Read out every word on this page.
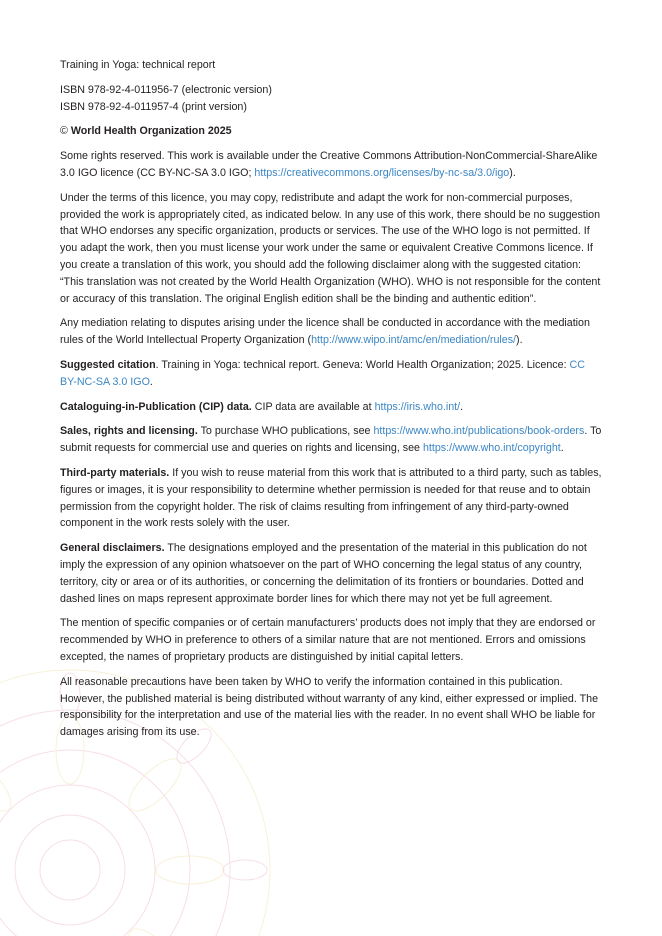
Training in Yoga: technical report

ISBN 978-92-4-011956-7 (electronic version)
ISBN 978-92-4-011957-4 (print version)

© World Health Organization 2025

Some rights reserved. This work is available under the Creative Commons Attribution-NonCommercial-ShareAlike 3.0 IGO licence (CC BY-NC-SA 3.0 IGO; https://creativecommons.org/licenses/by-nc-sa/3.0/igo).

Under the terms of this licence, you may copy, redistribute and adapt the work for non-commercial purposes, provided the work is appropriately cited, as indicated below. In any use of this work, there should be no suggestion that WHO endorses any specific organization, products or services. The use of the WHO logo is not permitted. If you adapt the work, then you must license your work under the same or equivalent Creative Commons licence. If you create a translation of this work, you should add the following disclaimer along with the suggested citation: “This translation was not created by the World Health Organization (WHO). WHO is not responsible for the content or accuracy of this translation. The original English edition shall be the binding and authentic edition”.

Any mediation relating to disputes arising under the licence shall be conducted in accordance with the mediation rules of the World Intellectual Property Organization (http://www.wipo.int/amc/en/mediation/rules/).

Suggested citation. Training in Yoga: technical report. Geneva: World Health Organization; 2025. Licence: CC BY-NC-SA 3.0 IGO.

Cataloguing-in-Publication (CIP) data. CIP data are available at https://iris.who.int/.

Sales, rights and licensing. To purchase WHO publications, see https://www.who.int/publications/book-orders. To submit requests for commercial use and queries on rights and licensing, see https://www.who.int/copyright.

Third-party materials. If you wish to reuse material from this work that is attributed to a third party, such as tables, figures or images, it is your responsibility to determine whether permission is needed for that reuse and to obtain permission from the copyright holder. The risk of claims resulting from infringement of any third-party-owned component in the work rests solely with the user.

General disclaimers. The designations employed and the presentation of the material in this publication do not imply the expression of any opinion whatsoever on the part of WHO concerning the legal status of any country, territory, city or area or of its authorities, or concerning the delimitation of its frontiers or boundaries. Dotted and dashed lines on maps represent approximate border lines for which there may not yet be full agreement.

The mention of specific companies or of certain manufacturers’ products does not imply that they are endorsed or recommended by WHO in preference to others of a similar nature that are not mentioned. Errors and omissions excepted, the names of proprietary products are distinguished by initial capital letters.

All reasonable precautions have been taken by WHO to verify the information contained in this publication. However, the published material is being distributed without warranty of any kind, either expressed or implied. The responsibility for the interpretation and use of the material lies with the reader. In no event shall WHO be liable for damages arising from its use.
